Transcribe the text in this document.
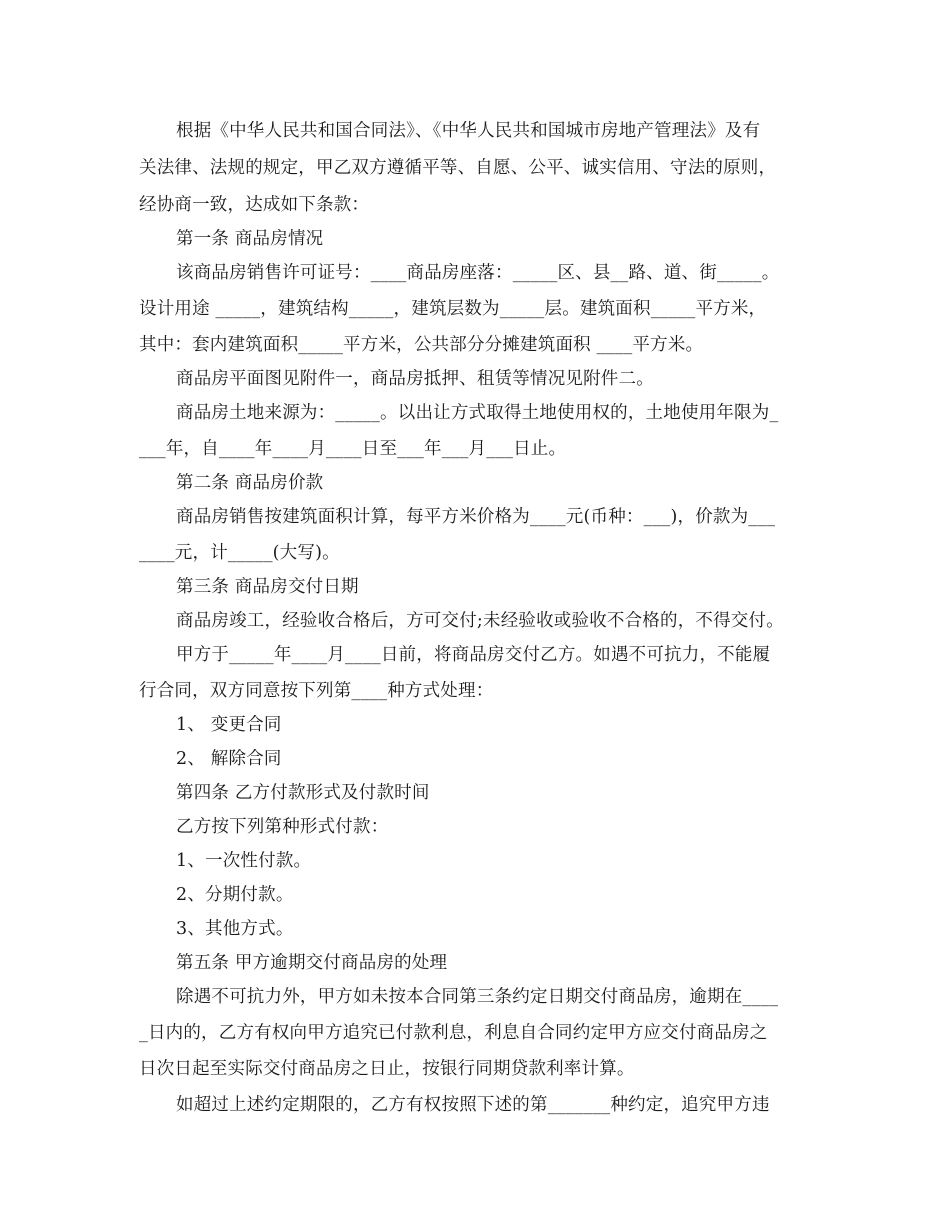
根据《中华人民共和国合同法》、《中华人民共和国城市房地产管理法》及有
关法律、法规的规定，甲乙双方遵循平等、自愿、公平、诚实信用、守法的原则，
经协商一致，达成如下条款：
第一条 商品房情况
该商品房销售许可证号：____商品房座落：_____区、县__路、道、街_____。
设计用途 _____，建筑结构_____，建筑层数为_____层。建筑面积_____平方米，
其中：套内建筑面积_____平方米，公共部分分摊建筑面积 ____平方米。
商品房平面图见附件一，商品房抵押、租赁等情况见附件二。
商品房土地来源为：_____。以出让方式取得土地使用权的，土地使用年限为_
___年，自____年____月____日至___年___月___日止。
第二条 商品房价款
商品房销售按建筑面积计算，每平方米价格为____元(币种：___)，价款为___
____元，计_____(大写)。
第三条 商品房交付日期
商品房竣工，经验收合格后，方可交付;未经验收或验收不合格的，不得交付。
甲方于_____年____月____日前，将商品房交付乙方。如遇不可抗力，不能履
行合同，双方同意按下列第____种方式处理：
1、 变更合同
2、 解除合同
第四条 乙方付款形式及付款时间
乙方按下列第种形式付款：
1、一次性付款。
2、分期付款。
3、其他方式。
第五条 甲方逾期交付商品房的处理
除遇不可抗力外，甲方如未按本合同第三条约定日期交付商品房，逾期在____
_日内的，乙方有权向甲方追究已付款利息，利息自合同约定甲方应交付商品房之
日次日起至实际交付商品房之日止，按银行同期贷款利率计算。
如超过上述约定期限的，乙方有权按照下述的第_______种约定，追究甲方违
